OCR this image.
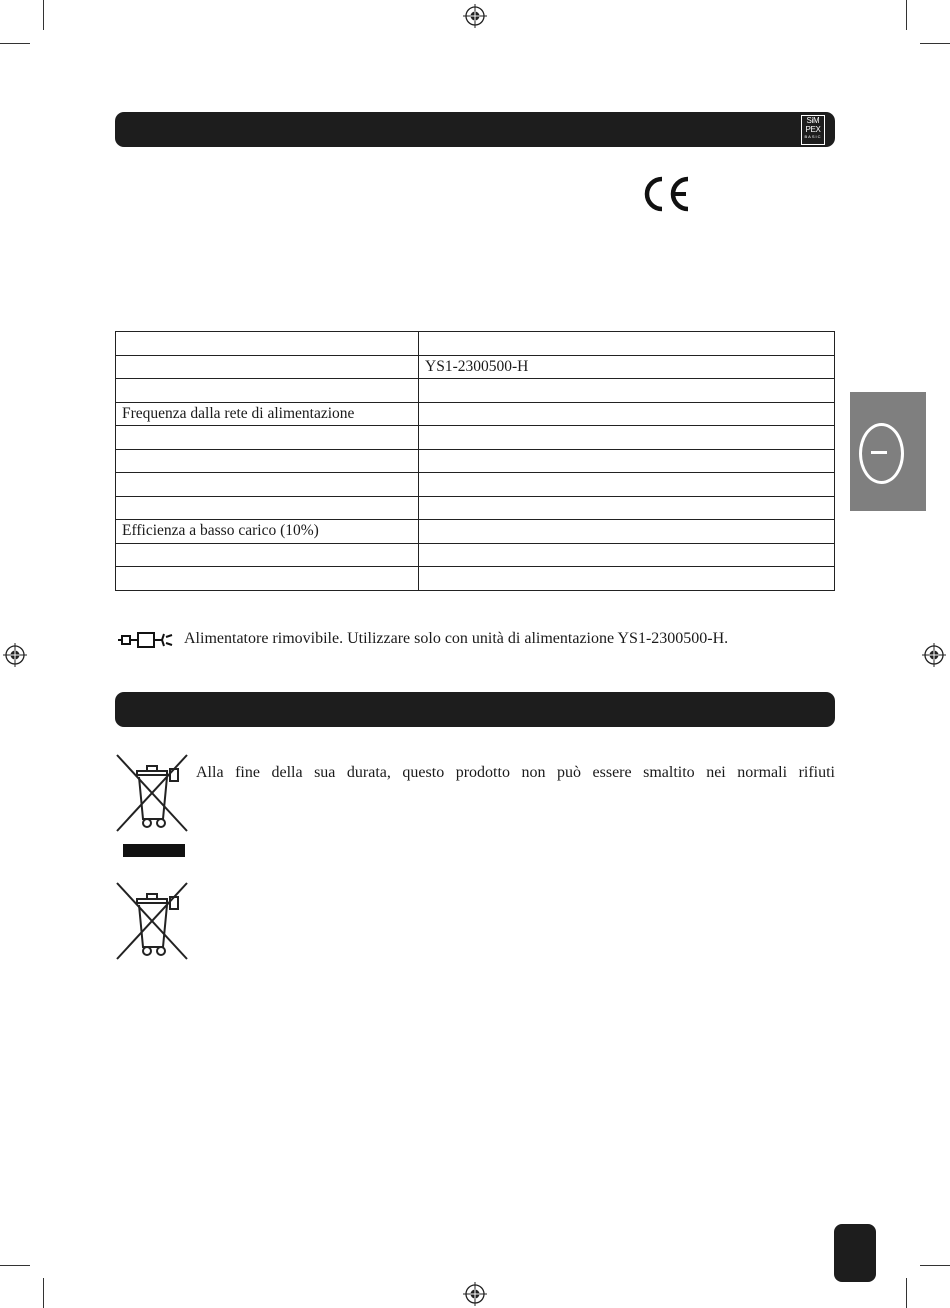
SiM
PEX
BASIC

	YS1-2300500-H

Frequenza dalla rete di alimentazione	

Efficienza a basso carico (10%)	

Alimentatore rimovibile. Utilizzare solo con unità di alimentazione YS1-2300500-H.
Alla fine della sua durata, questo prodotto non può essere smaltito nei normali rifiuti
